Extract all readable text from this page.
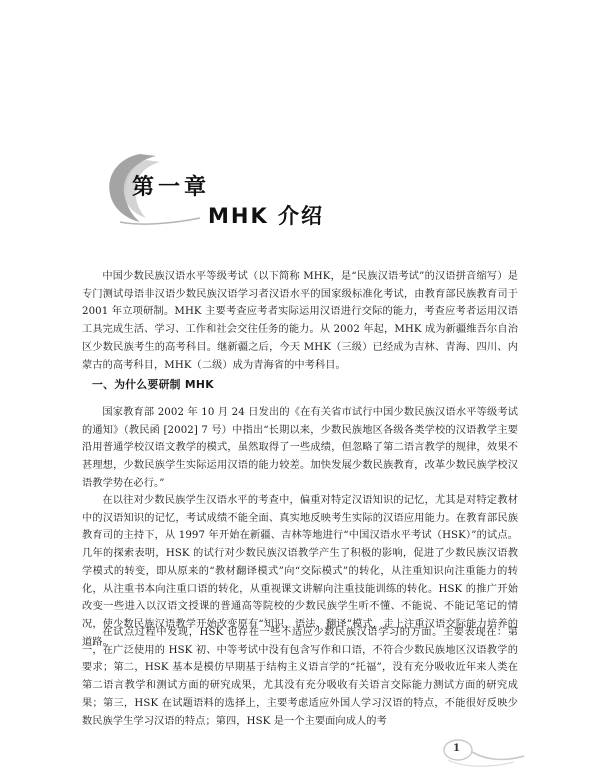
第一章
MHK 介绍

中国少数民族汉语水平等级考试（以下简称 MHK，是“民族汉语考试”的汉语拼音缩写）是专门测试母语非汉语少数民族汉语学习者汉语水平的国家级标准化考试，由教育部民族教育司于 2001 年立项研制。MHK 主要考查应考者实际运用汉语进行交际的能力，考查应考者运用汉语工具完成生活、学习、工作和社会交往任务的能力。从 2002 年起，MHK 成为新疆维吾尔自治区少数民族考生的高考科目。继新疆之后，今天 MHK（三级）已经成为吉林、青海、四川、内蒙古的高考科目，MHK（二级）成为青海省的中考科目。

一、为什么要研制 MHK

国家教育部 2002 年 10 月 24 日发出的《在有关省市试行中国少数民族汉语水平等级考试的通知》（教民函 [2002] 7 号）中指出“长期以来，少数民族地区各级各类学校的汉语教学主要沿用普通学校汉语文教学的模式，虽然取得了一些成绩，但忽略了第二语言教学的规律，效果不甚理想，少数民族学生实际运用汉语的能力较差。加快发展少数民族教育，改革少数民族学校汉语教学势在必行。”

在以往对少数民族学生汉语水平的考查中，偏重对特定汉语知识的记忆，尤其是对特定教材中的汉语知识的记忆，考试成绩不能全面、真实地反映考生实际的汉语应用能力。在教育部民族教育司的主持下，从 1997 年开始在新疆、吉林等地进行“中国汉语水平考试（HSK）”的试点。几年的探索表明，HSK 的试行对少数民族汉语教学产生了积极的影响，促进了少数民族汉语教学模式的转变，即从原来的“教材翻译模式”向“交际模式”的转化，从注重知识向注重能力的转化，从注重书本向注重口语的转化，从重视课文讲解向注重技能训练的转化。HSK 的推广开始改变一些进入以汉语文授课的普通高等院校的少数民族学生听不懂、不能说、不能记笔记的情况，使少数民族汉语教学开始改变原有“知识、语法、翻译”模式，走上注重汉语交际能力培养的道路。

在试点过程中发现，HSK 也存在一些不适应少数民族汉语学习的方面。主要表现在：第一，在广泛使用的 HSK 初、中等考试中没有包含写作和口语，不符合少数民族地区汉语教学的要求；第二，HSK 基本是模仿早期基于结构主义语言学的“托福”，没有充分吸收近年来人类在第二语言教学和测试方面的研究成果，尤其没有充分吸收有关语言交际能力测试方面的研究成果；第三，HSK 在试题语料的选择上，主要考虑适应外国人学习汉语的特点，不能很好反映少数民族学生学习汉语的特点；第四，HSK 是一个主要面向成人的考

1
